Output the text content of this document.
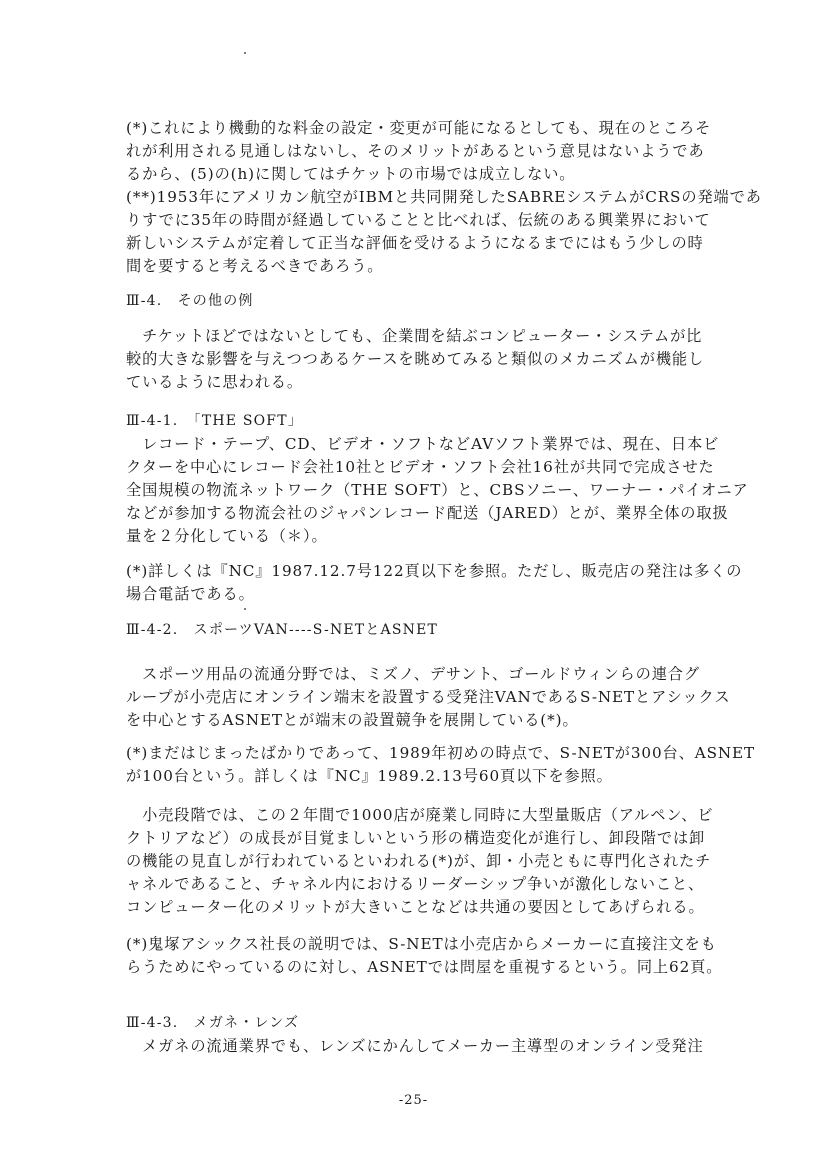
(*)これにより機動的な料金の設定・変更が可能になるとしても、現在のところそ
れが利用される見通しはないし、そのメリットがあるという意見はないようであ
るから、(5)の(h)に関してはチケットの市場では成立しない。
(**)1953年にアメリカン航空がIBMと共同開発したSABREシステムがCRSの発端であ
りすでに35年の時間が経過していることと比べれば、伝統のある興業界において
新しいシステムが定着して正当な評価を受けるようになるまでにはもう少しの時
間を要すると考えるべきであろう。
Ⅲ-4.　その他の例
　チケットほどではないとしても、企業間を結ぶコンピューター・システムが比
較的大きな影響を与えつつあるケースを眺めてみると類似のメカニズムが機能し
ているように思われる。
Ⅲ-4-1.　「THE SOFT」
　レコード・テープ、CD、ビデオ・ソフトなどAVソフト業界では、現在、日本ビ
クターを中心にレコード会社10社とビデオ・ソフト会社16社が共同で完成させた
全国規模の物流ネットワーク（THE SOFT）と、CBSソニー、ワーナー・パイオニア
などが参加する物流会社のジャパンレコード配送（JARED）とが、業界全体の取扱
量を２分化している（＊）。
(*)詳しくは『NC』1987.12.7号122頁以下を参照。ただし、販売店の発注は多くの
場合電話である。
Ⅲ-4-2.　スポーツVAN----S-NETとASNET
　スポーツ用品の流通分野では、ミズノ、デサント、ゴールドウィンらの連合グ
ループが小売店にオンライン端末を設置する受発注VANであるS-NETとアシックス
を中心とするASNETとが端末の設置競争を展開している(*)。
(*)まだはじまったばかりであって、1989年初めの時点で、S-NETが300台、ASNET
が100台という。詳しくは『NC』1989.2.13号60頁以下を参照。
　小売段階では、この２年間で1000店が廃業し同時に大型量販店（アルペン、ビ
クトリアなど）の成長が目覚ましいという形の構造変化が進行し、卸段階では卸
の機能の見直しが行われているといわれる(*)が、卸・小売ともに専門化されたチ
ャネルであること、チャネル内におけるリーダーシップ争いが激化しないこと、
コンピューター化のメリットが大きいことなどは共通の要因としてあげられる。
(*)鬼塚アシックス社長の説明では、S-NETは小売店からメーカーに直接注文をも
らうためにやっているのに対し、ASNETでは問屋を重視するという。同上62頁。
Ⅲ-4-3.　メガネ・レンズ
　メガネの流通業界でも、レンズにかんしてメーカー主導型のオンライン受発注
-25-
